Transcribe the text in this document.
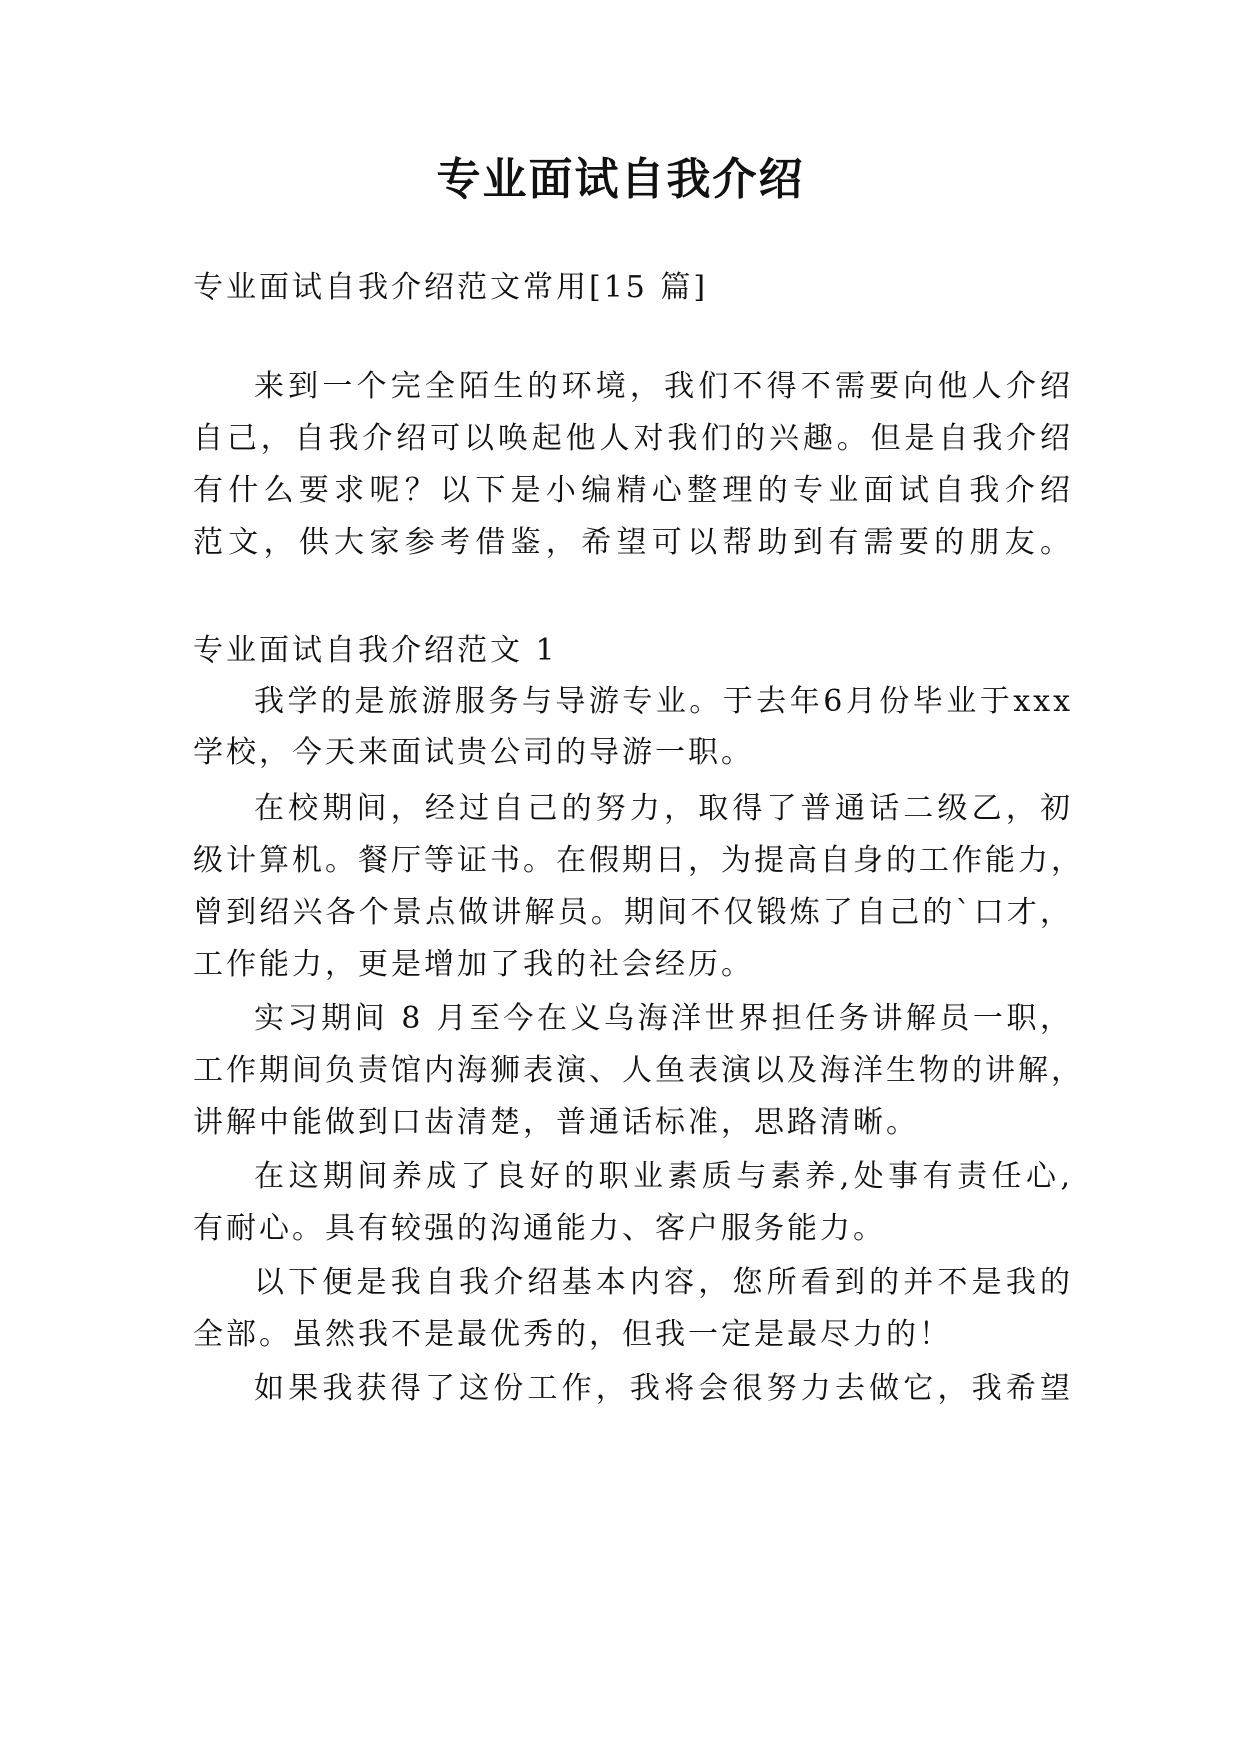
专业面试自我介绍
专业面试自我介绍范文常用[15 篇]
来到一个完全陌生的环境，我们不得不需要向他人介绍
自己，自我介绍可以唤起他人对我们的兴趣。但是自我介绍
有什么要求呢？以下是小编精心整理的专业面试自我介绍
范文，供大家参考借鉴，希望可以帮助到有需要的朋友。
专业面试自我介绍范文 1
我学的是旅游服务与导游专业。于去年6月份毕业于xxx
学校，今天来面试贵公司的导游一职。
在校期间，经过自己的努力，取得了普通话二级乙，初
级计算机。餐厅等证书。在假期日，为提高自身的工作能力，
曾到绍兴各个景点做讲解员。期间不仅锻炼了自己的`口才，
工作能力，更是增加了我的社会经历。
实习期间 8 月至今在义乌海洋世界担任务讲解员一职，
工作期间负责馆内海狮表演、人鱼表演以及海洋生物的讲解，
讲解中能做到口齿清楚，普通话标准，思路清晰。
在这期间养成了良好的职业素质与素养,处事有责任心,
有耐心。具有较强的沟通能力、客户服务能力。
以下便是我自我介绍基本内容，您所看到的并不是我的
全部。虽然我不是最优秀的，但我一定是最尽力的！
如果我获得了这份工作，我将会很努力去做它，我希望
